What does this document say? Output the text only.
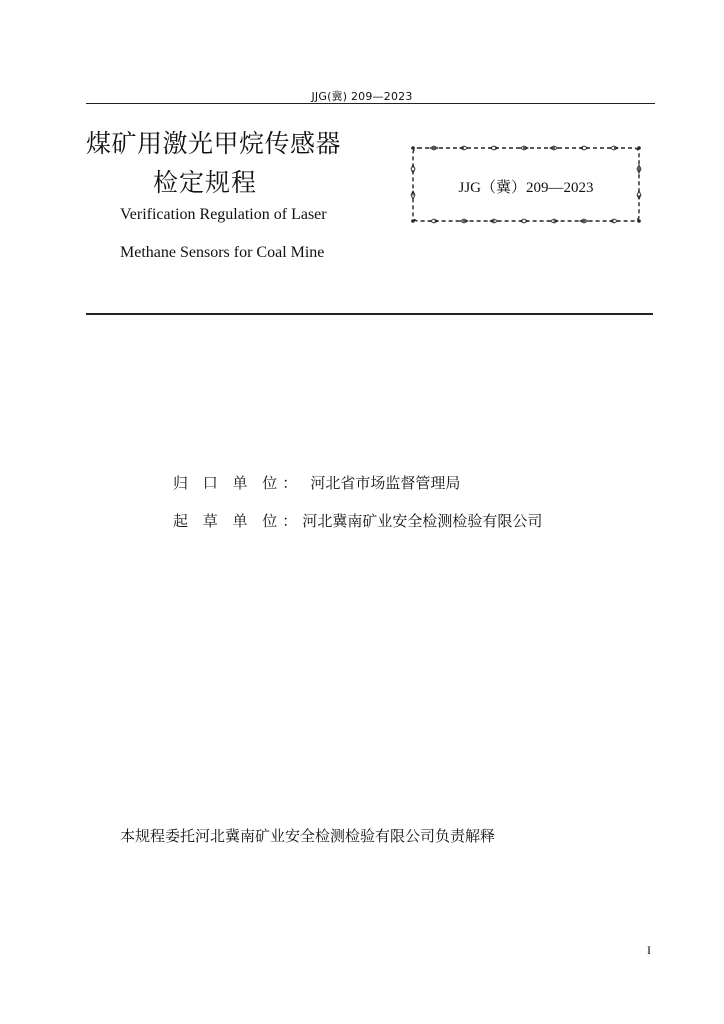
JJG(冀) 209—2023
煤矿用激光甲烷传感器
检定规程
Verification Regulation of Laser
Methane Sensors for Coal Mine
JJG（冀）209—2023
归 口 单 位： 河北省市场监督管理局
起 草 单 位：河北冀南矿业安全检测检验有限公司
本规程委托河北冀南矿业安全检测检验有限公司负责解释
I
